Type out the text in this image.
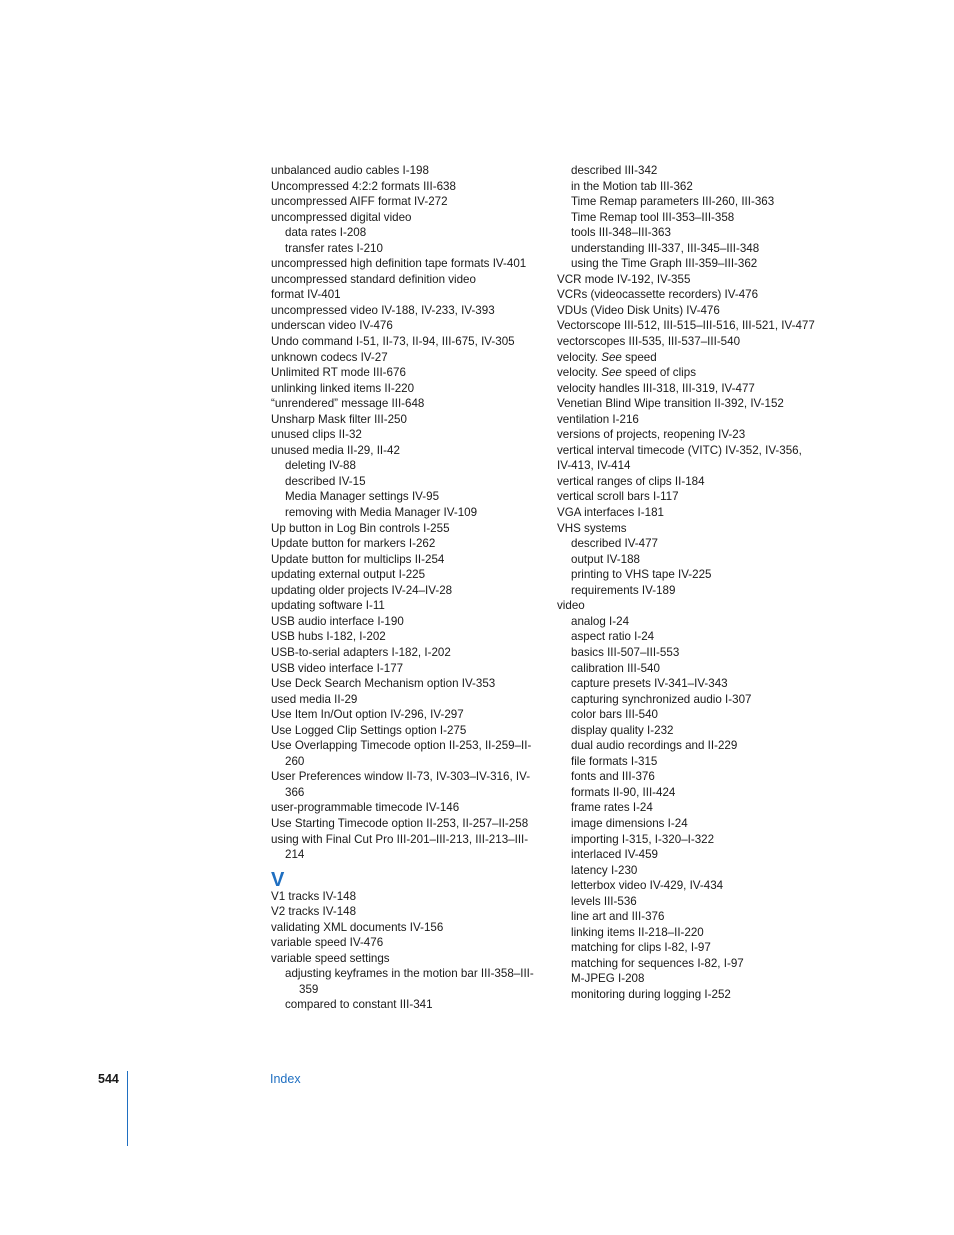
unbalanced audio cables I-198
Uncompressed 4:2:2 formats III-638
uncompressed AIFF format IV-272
uncompressed digital video
data rates I-208
transfer rates I-210
uncompressed high definition tape formats IV-401
uncompressed standard definition video
format IV-401
uncompressed video IV-188, IV-233, IV-393
underscan video IV-476
Undo command I-51, II-73, II-94, III-675, IV-305
unknown codecs IV-27
Unlimited RT mode III-676
unlinking linked items II-220
“unrendered” message III-648
Unsharp Mask filter III-250
unused clips II-32
unused media II-29, II-42
deleting IV-88
described IV-15
Media Manager settings IV-95
removing with Media Manager IV-109
Up button in Log Bin controls I-255
Update button for markers I-262
Update button for multiclips II-254
updating external output I-225
updating older projects IV-24–IV-28
updating software I-11
USB audio interface I-190
USB hubs I-182, I-202
USB-to-serial adapters I-182, I-202
USB video interface I-177
Use Deck Search Mechanism option IV-353
used media II-29
Use Item In/Out option IV-296, IV-297
Use Logged Clip Settings option I-275
Use Overlapping Timecode option II-253, II-259–II-260
User Preferences window II-73, IV-303–IV-316, IV-366
user-programmable timecode IV-146
Use Starting Timecode option II-253, II-257–II-258
using with Final Cut Pro III-201–III-213, III-213–III-214
V
V1 tracks IV-148
V2 tracks IV-148
validating XML documents IV-156
variable speed IV-476
variable speed settings
adjusting keyframes in the motion bar III-358–III-359
compared to constant III-341
described III-342
in the Motion tab III-362
Time Remap parameters III-260, III-363
Time Remap tool III-353–III-358
tools III-348–III-363
understanding III-337, III-345–III-348
using the Time Graph III-359–III-362
VCR mode IV-192, IV-355
VCRs (videocassette recorders) IV-476
VDUs (Video Disk Units) IV-476
Vectorscope III-512, III-515–III-516, III-521, IV-477
vectorscopes III-535, III-537–III-540
velocity. See speed
velocity. See speed of clips
velocity handles III-318, III-319, IV-477
Venetian Blind Wipe transition II-392, IV-152
ventilation I-216
versions of projects, reopening IV-23
vertical interval timecode (VITC) IV-352, IV-356, IV-413, IV-414
vertical ranges of clips II-184
vertical scroll bars I-117
VGA interfaces I-181
VHS systems
described IV-477
output IV-188
printing to VHS tape IV-225
requirements IV-189
video
analog I-24
aspect ratio I-24
basics III-507–III-553
calibration III-540
capture presets IV-341–IV-343
capturing synchronized audio I-307
color bars III-540
display quality I-232
dual audio recordings and II-229
file formats I-315
fonts and III-376
formats II-90, III-424
frame rates I-24
image dimensions I-24
importing I-315, I-320–I-322
interlaced IV-459
latency I-230
letterbox video IV-429, IV-434
levels III-536
line art and III-376
linking items II-218–II-220
matching for clips I-82, I-97
matching for sequences I-82, I-97
M-JPEG I-208
monitoring during logging I-252
544	Index
